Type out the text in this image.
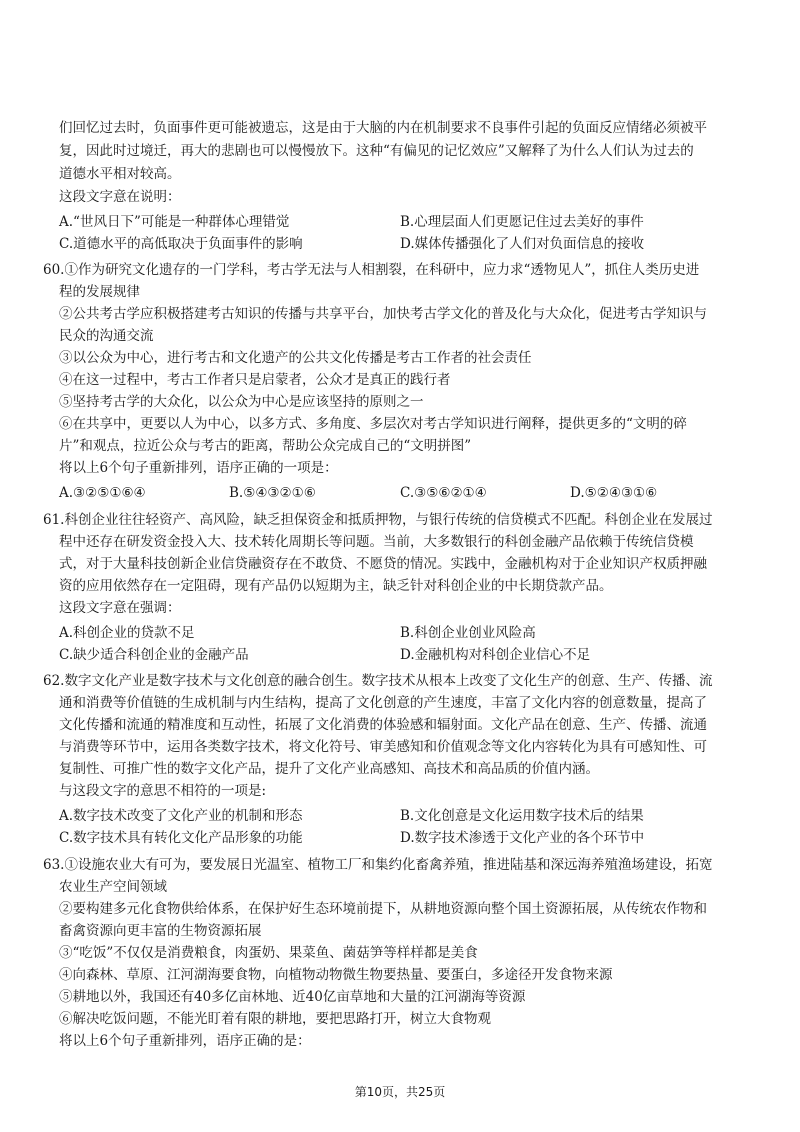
们回忆过去时，负面事件更可能被遗忘，这是由于大脑的内在机制要求不良事件引起的负面反应情绪必须被平
复，因此时过境迁，再大的悲剧也可以慢慢放下。这种“有偏见的记忆效应”又解释了为什么人们认为过去的
道德水平相对较高。
这段文字意在说明：
A.“世风日下”可能是一种群体心理错觉	B.心理层面人们更愿记住过去美好的事件
C.道德水平的高低取决于负面事件的影响	D.媒体传播强化了人们对负面信息的接收
60.①作为研究文化遗存的一门学科，考古学无法与人相割裂，在科研中，应力求“透物见人”，抓住人类历史进
程的发展规律
②公共考古学应积极搭建考古知识的传播与共享平台，加快考古学文化的普及化与大众化，促进考古学知识与
民众的沟通交流
③以公众为中心，进行考古和文化遗产的公共文化传播是考古工作者的社会责任
④在这一过程中，考古工作者只是启蒙者，公众才是真正的践行者
⑤坚持考古学的大众化，以公众为中心是应该坚持的原则之一
⑥在共享中，更要以人为中心，以多方式、多角度、多层次对考古学知识进行阐释，提供更多的“文明的碎
片”和观点，拉近公众与考古的距离，帮助公众完成自己的“文明拼图”
将以上6个句子重新排列，语序正确的一项是：
A.③②⑤①⑥④	B.⑤④③②①⑥	C.③⑤⑥②①④	D.⑤②④③①⑥
61.科创企业往往轻资产、高风险，缺乏担保资金和抵质押物，与银行传统的信贷模式不匹配。科创企业在发展过
程中还存在研发资金投入大、技术转化周期长等问题。当前，大多数银行的科创金融产品依赖于传统信贷模
式，对于大量科技创新企业信贷融资存在不敢贷、不愿贷的情况。实践中，金融机构对于企业知识产权质押融
资的应用依然存在一定阻碍，现有产品仍以短期为主，缺乏针对科创企业的中长期贷款产品。
这段文字意在强调：
A.科创企业的贷款不足	B.科创企业创业风险高
C.缺少适合科创企业的金融产品	D.金融机构对科创企业信心不足
62.数字文化产业是数字技术与文化创意的融合创生。数字技术从根本上改变了文化生产的创意、生产、传播、流
通和消费等价值链的生成机制与内生结构，提高了文化创意的产生速度，丰富了文化内容的创意数量，提高了
文化传播和流通的精准度和互动性，拓展了文化消费的体验感和辐射面。文化产品在创意、生产、传播、流通
与消费等环节中，运用各类数字技术，将文化符号、审美感知和价值观念等文化内容转化为具有可感知性、可
复制性、可推广性的数字文化产品，提升了文化产业高感知、高技术和高品质的价值内涵。
与这段文字的意思不相符的一项是:
A.数字技术改变了文化产业的机制和形态	B.文化创意是文化运用数字技术后的结果
C.数字技术具有转化文化产品形象的功能	D.数字技术渗透于文化产业的各个环节中
63.①设施农业大有可为，要发展日光温室、植物工厂和集约化畜禽养殖，推进陆基和深远海养殖渔场建设，拓宽
农业生产空间领域
②要构建多元化食物供给体系，在保护好生态环境前提下，从耕地资源向整个国土资源拓展，从传统农作物和
畜禽资源向更丰富的生物资源拓展
③“吃饭”不仅仅是消费粮食，肉蛋奶、果菜鱼、菌菇笋等样样都是美食
④向森林、草原、江河湖海要食物，向植物动物微生物要热量、要蛋白，多途径开发食物来源
⑤耕地以外，我国还有40多亿亩林地、近40亿亩草地和大量的江河湖海等资源
⑥解决吃饭问题，不能光盯着有限的耕地，要把思路打开，树立大食物观
将以上6个句子重新排列，语序正确的是：
第10页，共25页
